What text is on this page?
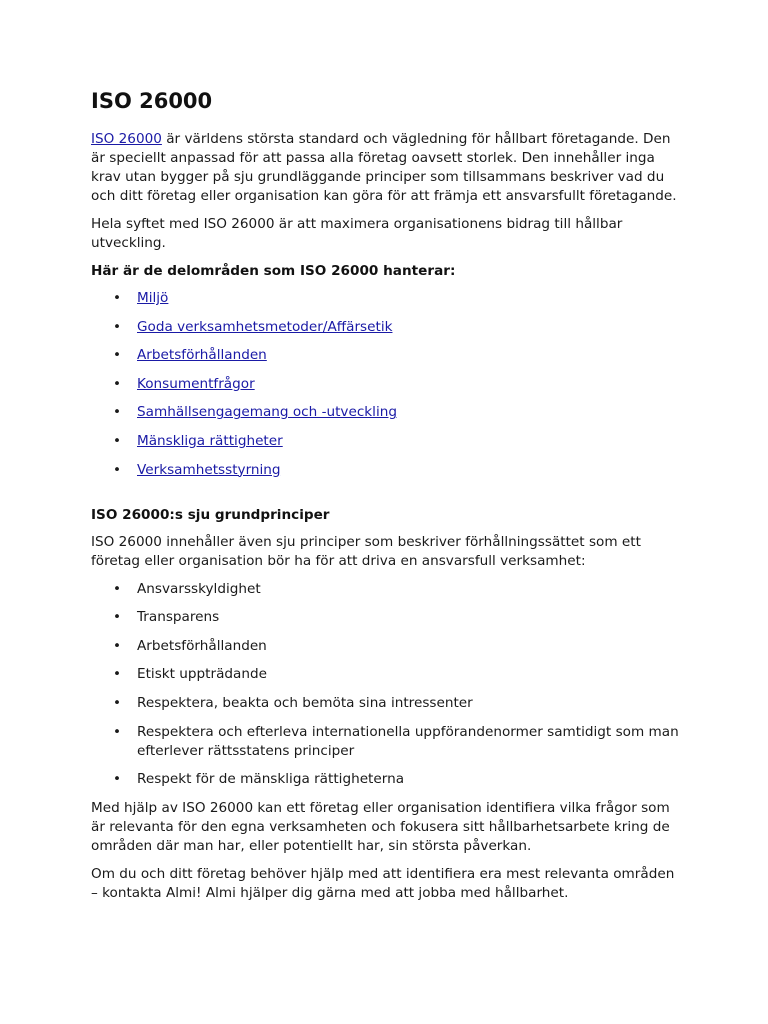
ISO 26000

ISO 26000 är världens största standard och vägledning för hållbart företagande. Den är speciellt anpassad för att passa alla företag oavsett storlek. Den innehåller inga krav utan bygger på sju grundläggande principer som tillsammans beskriver vad du och ditt företag eller organisation kan göra för att främja ett ansvarsfullt företagande.

Hela syftet med ISO 26000 är att maximera organisationens bidrag till hållbar utveckling.

Här är de delområden som ISO 26000 hanterar:
• Miljö
• Goda verksamhetsmetoder/Affärsetik
• Arbetsförhållanden
• Konsumentfrågor
• Samhällsengagemang och -utveckling
• Mänskliga rättigheter
• Verksamhetsstyrning
ISO 26000:s sju grundprinciper

ISO 26000 innehåller även sju principer som beskriver förhållningssättet som ett företag eller organisation bör ha för att driva en ansvarsfull verksamhet:

• Ansvarsskyldighet
• Transparens
• Arbetsförhållanden
• Etiskt uppträdande
• Respektera, beakta och bemöta sina intressenter
• Respektera och efterleva internationella uppförandenormer samtidigt som man efterlever rättsstatens principer
• Respekt för de mänskliga rättigheterna

Med hjälp av ISO 26000 kan ett företag eller organisation identifiera vilka frågor som är relevanta för den egna verksamheten och fokusera sitt hållbarhetsarbete kring de områden där man har, eller potentiellt har, sin största påverkan.

Om du och ditt företag behöver hjälp med att identifiera era mest relevanta områden – kontakta Almi! Almi hjälper dig gärna med att jobba med hållbarhet.
